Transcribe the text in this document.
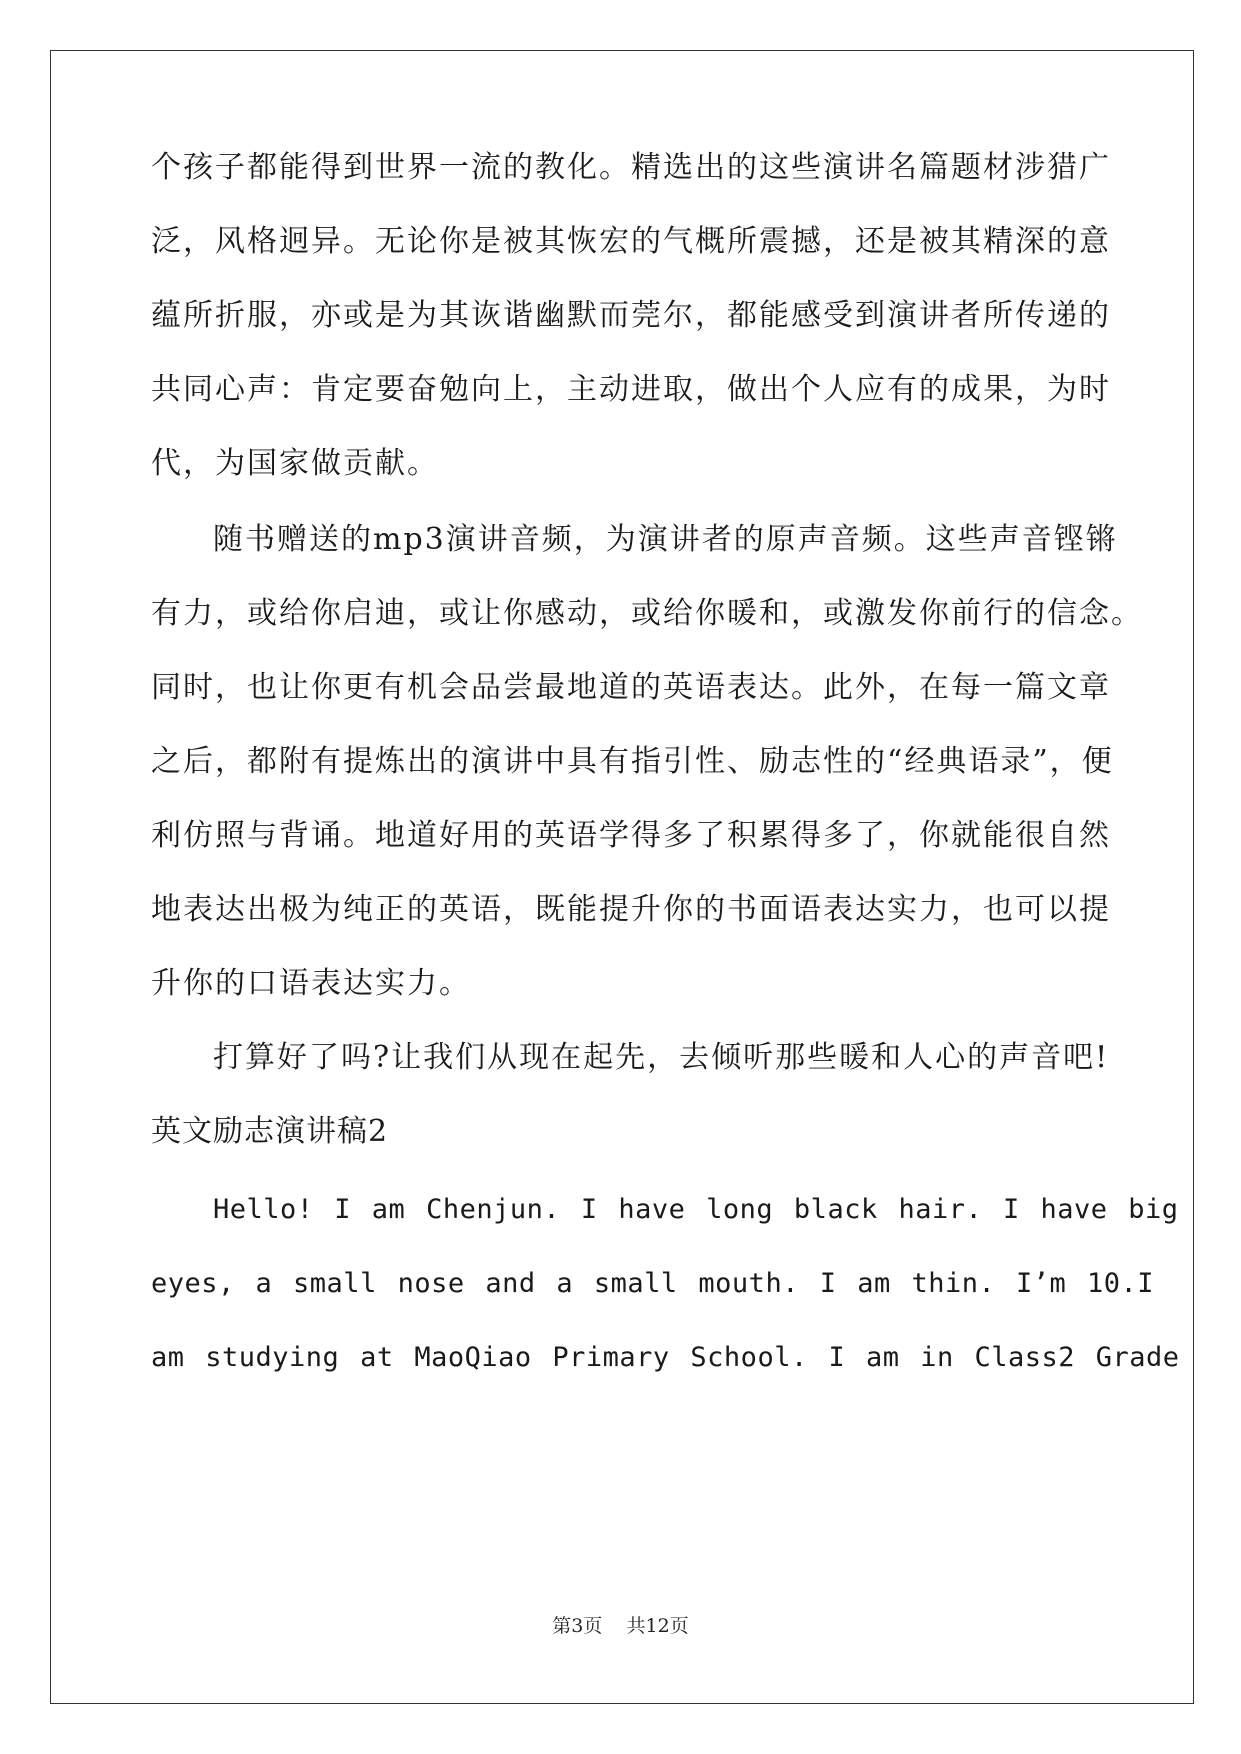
个孩子都能得到世界一流的教化。精选出的这些演讲名篇题材涉猎广
泛，风格迥异。无论你是被其恢宏的气概所震撼，还是被其精深的意
蕴所折服，亦或是为其诙谐幽默而莞尔，都能感受到演讲者所传递的
共同心声：肯定要奋勉向上，主动进取，做出个人应有的成果，为时
代，为国家做贡献。
随书赠送的mp3演讲音频，为演讲者的原声音频。这些声音铿锵
有力，或给你启迪，或让你感动，或给你暖和，或激发你前行的信念。
同时，也让你更有机会品尝最地道的英语表达。此外，在每一篇文章
之后，都附有提炼出的演讲中具有指引性、励志性的“经典语录”，便
利仿照与背诵。地道好用的英语学得多了积累得多了，你就能很自然
地表达出极为纯正的英语，既能提升你的书面语表达实力，也可以提
升你的口语表达实力。
打算好了吗?让我们从现在起先，去倾听那些暖和人心的声音吧!
英文励志演讲稿2
Hello! I am Chenjun. I have long black hair. I have big
eyes, a small nose and a small mouth. I am thin. I’m 10.I
am studying at MaoQiao Primary School. I am in Class2 Grade
第3页 共12页
